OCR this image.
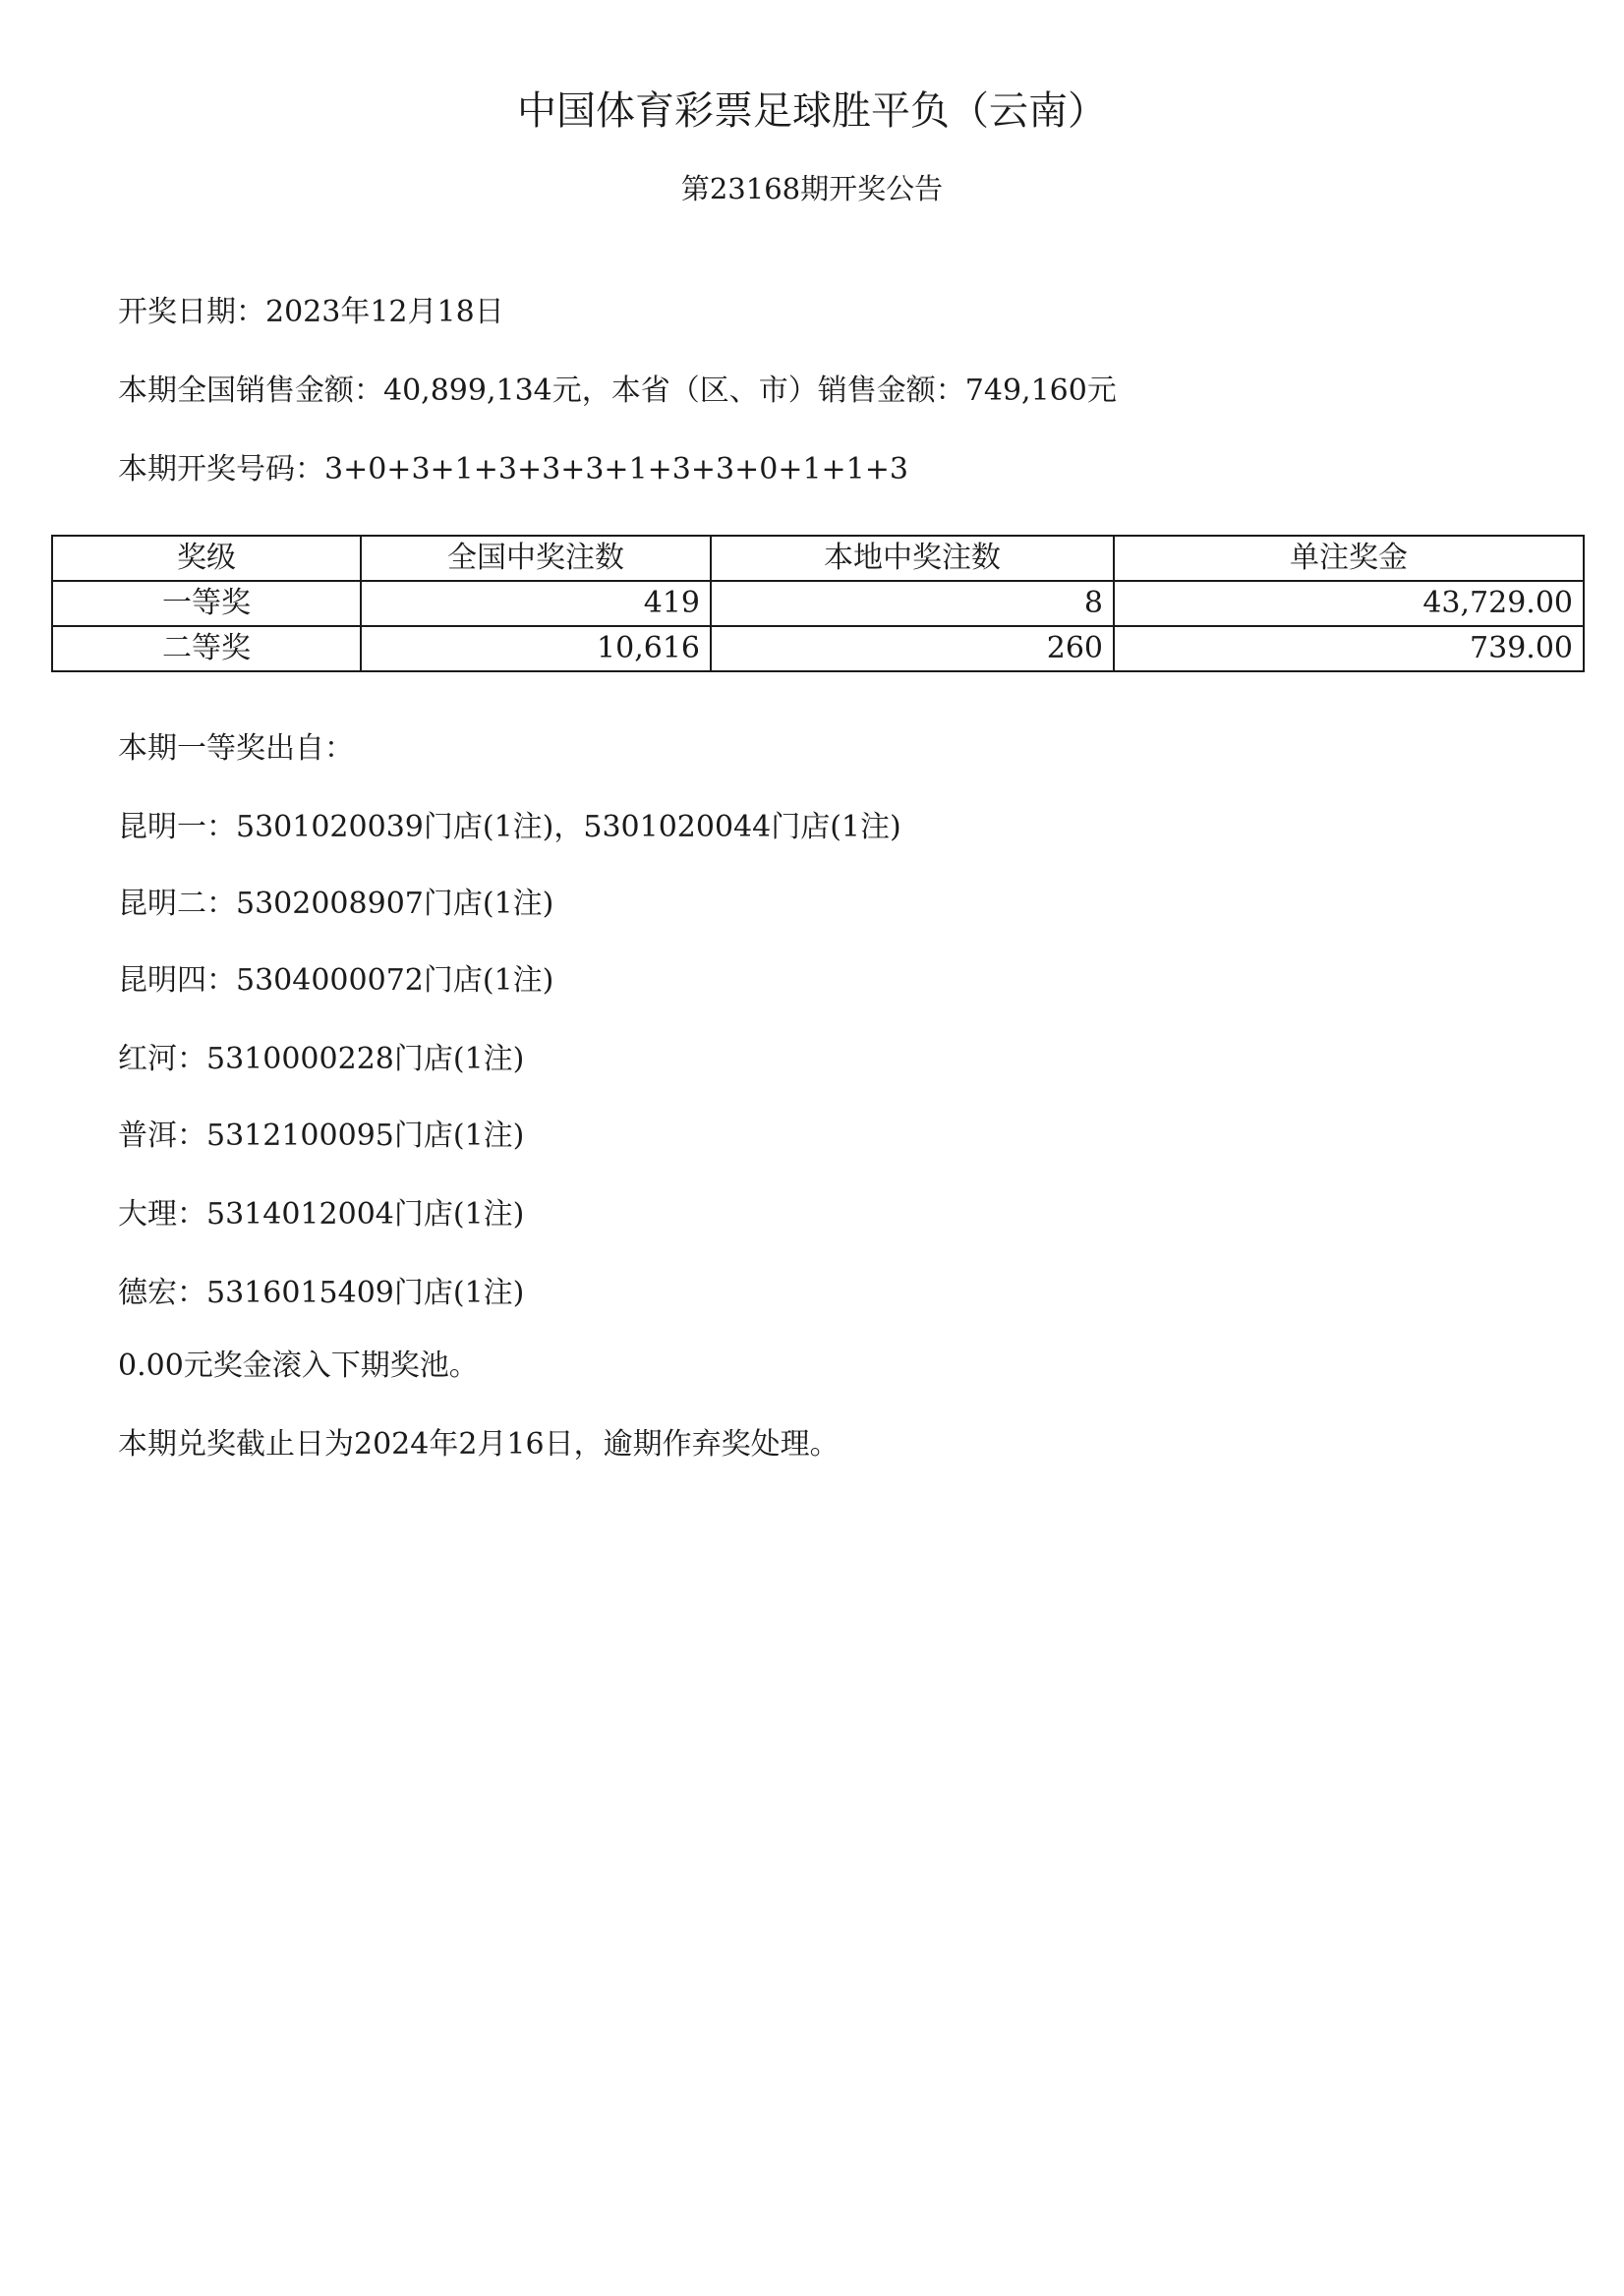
中国体育彩票足球胜平负（云南）
第23168期开奖公告
开奖日期：2023年12月18日
本期全国销售金额：40,899,134元，本省（区、市）销售金额：749,160元
本期开奖号码：3+0+3+1+3+3+3+1+3+3+0+1+1+3
奖级	全国中奖注数	本地中奖注数	单注奖金
一等奖	419	8	43,729.00
二等奖	10,616	260	739.00
本期一等奖出自：
昆明一：5301020039门店(1注)，5301020044门店(1注)
昆明二：5302008907门店(1注)
昆明四：5304000072门店(1注)
红河：5310000228门店(1注)
普洱：5312100095门店(1注)
大理：5314012004门店(1注)
德宏：5316015409门店(1注)
0.00元奖金滚入下期奖池。
本期兑奖截止日为2024年2月16日，逾期作弃奖处理。
